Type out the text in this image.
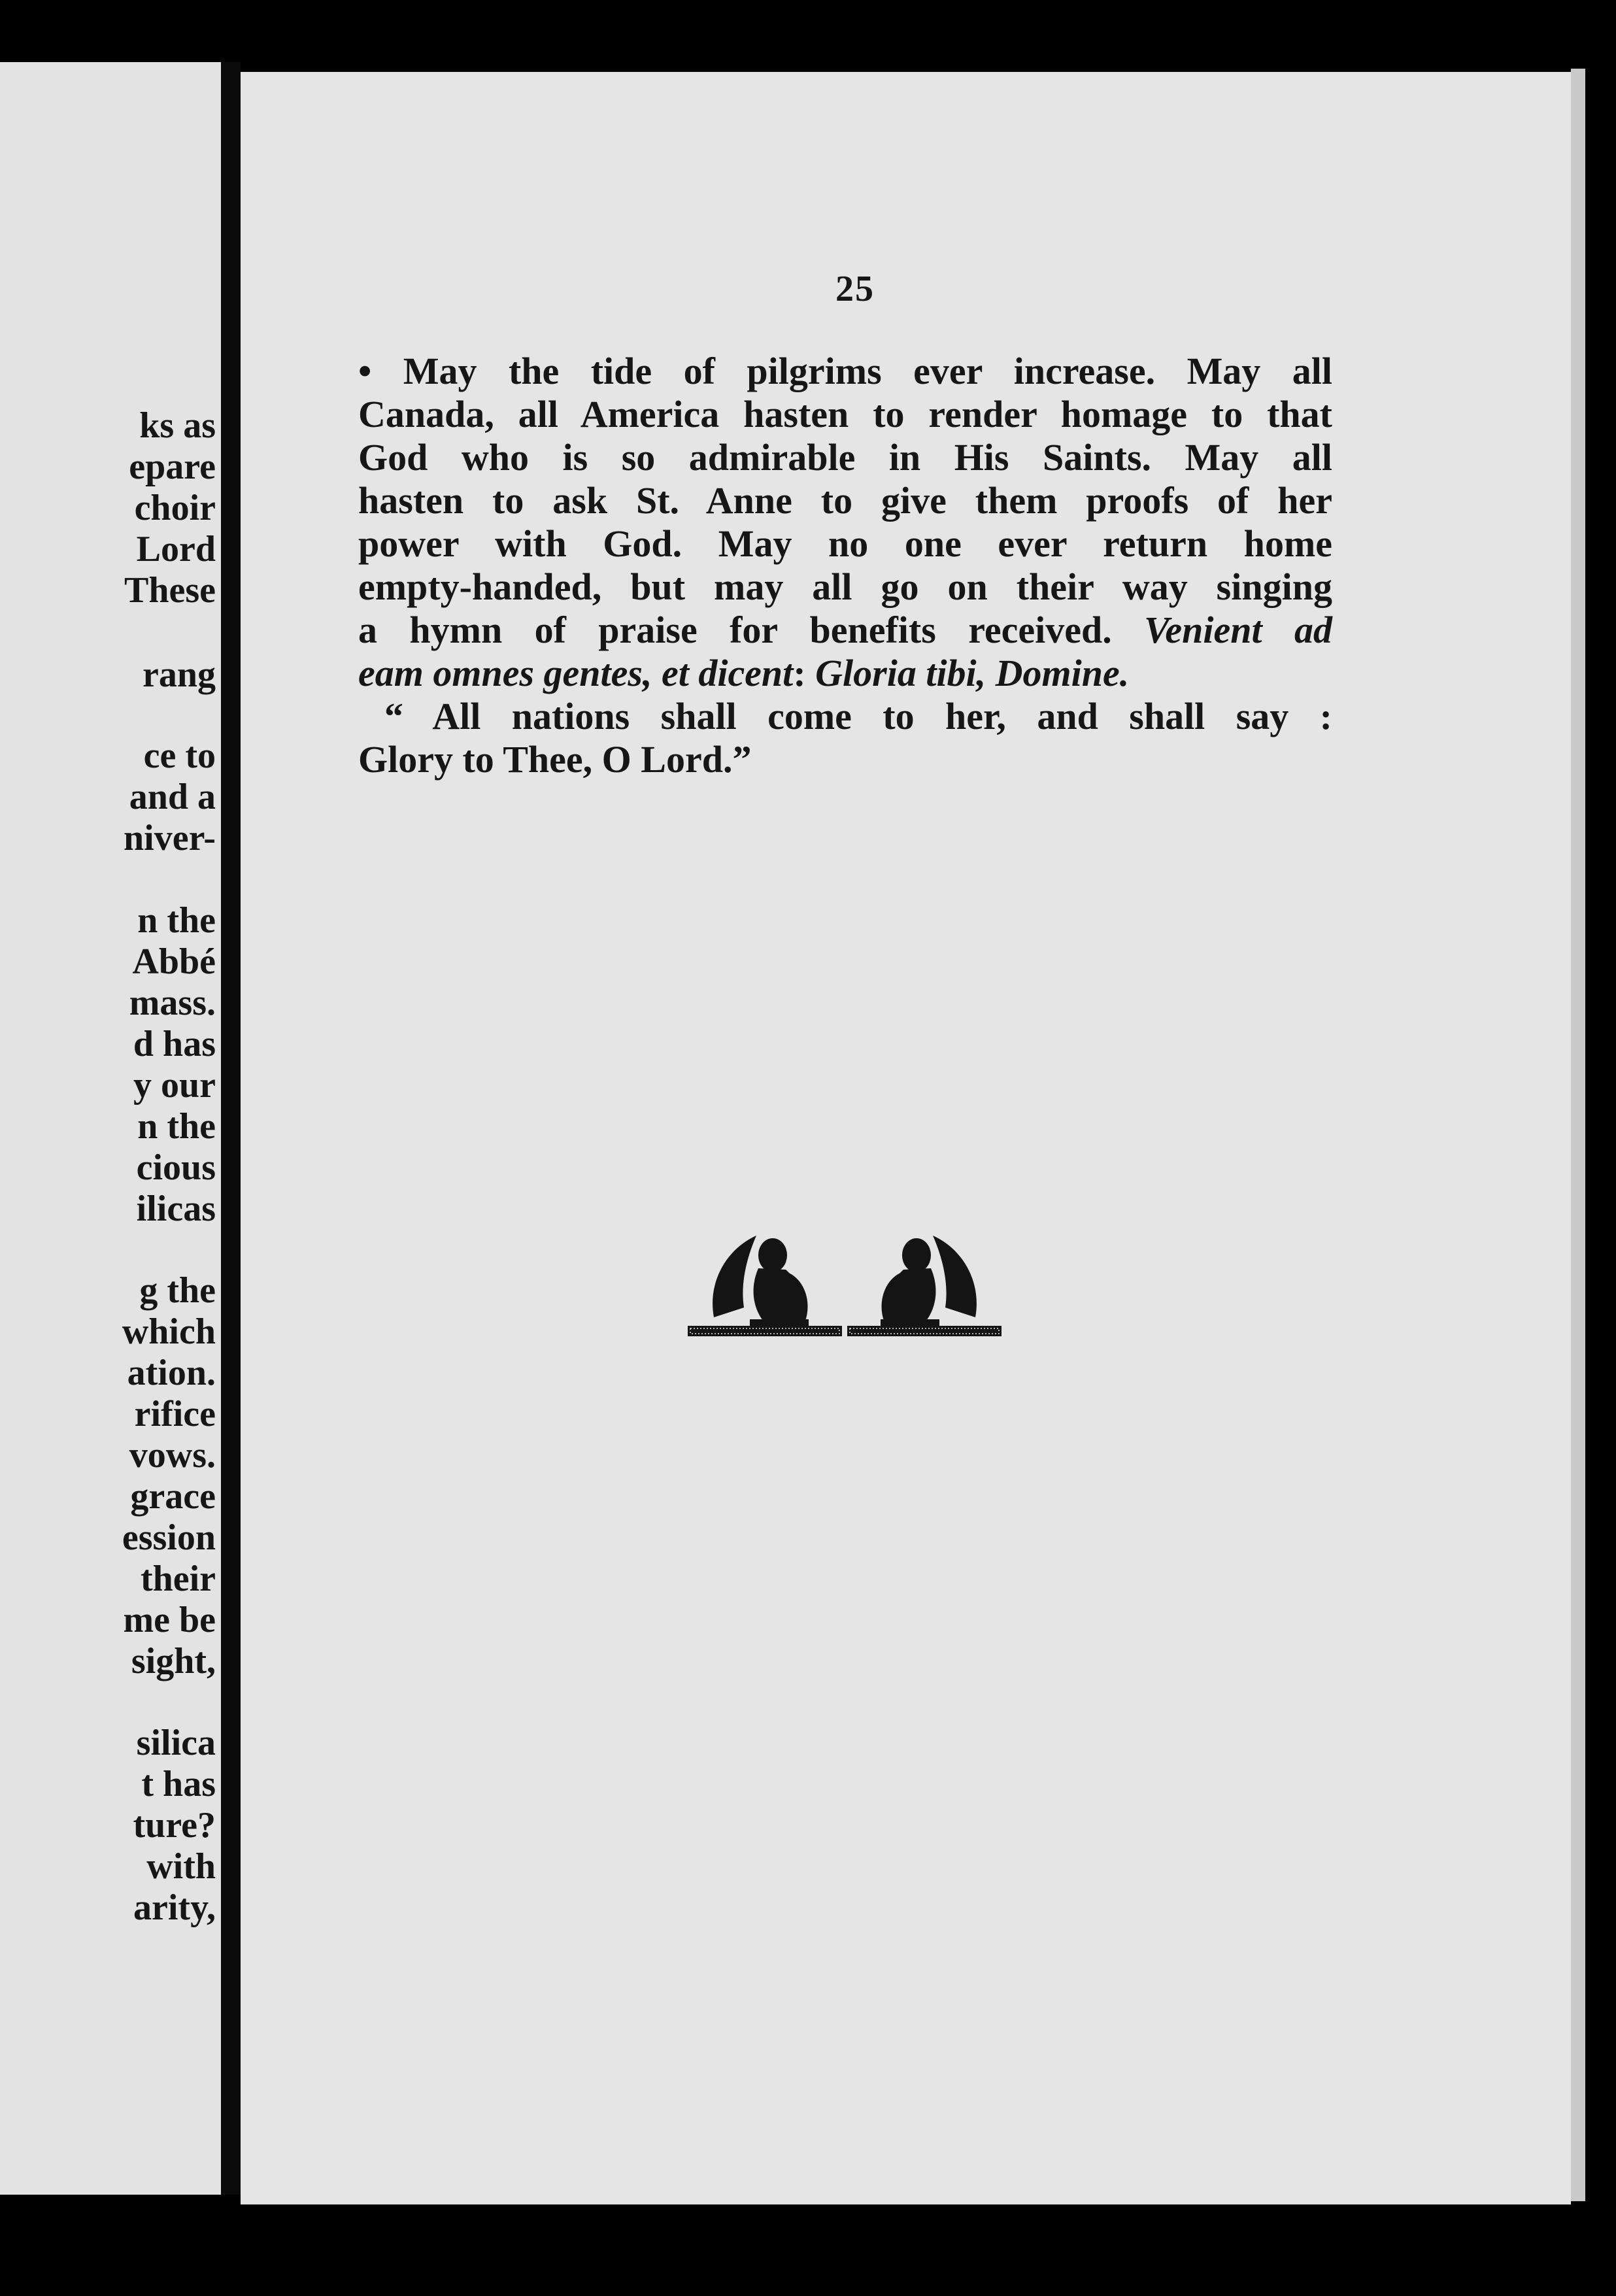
ks as

epare

choir

Lord

These

rang

ce to

and a

niver-

n the

Abbé

mass.

d has

y our

n the

cious

ilicas

g the

which

ation.

rifice

vows.

grace

ession

their

me be

sight,

silica

t has

ture?

with

arity,

25

• May the tide of pilgrims ever increase. May all

Canada, all America hasten to render homage to that

God who is so admirable in His Saints. May all

hasten to ask St. Anne to give them proofs of her

power with God. May no one ever return home

empty-handed, but may all go on their way singing

a hymn of praise for benefits received. Venient ad

eam omnes gentes, et dicent: Gloria tibi, Domine.

“ All nations shall come to her, and shall say :

Glory to Thee, O Lord.”
